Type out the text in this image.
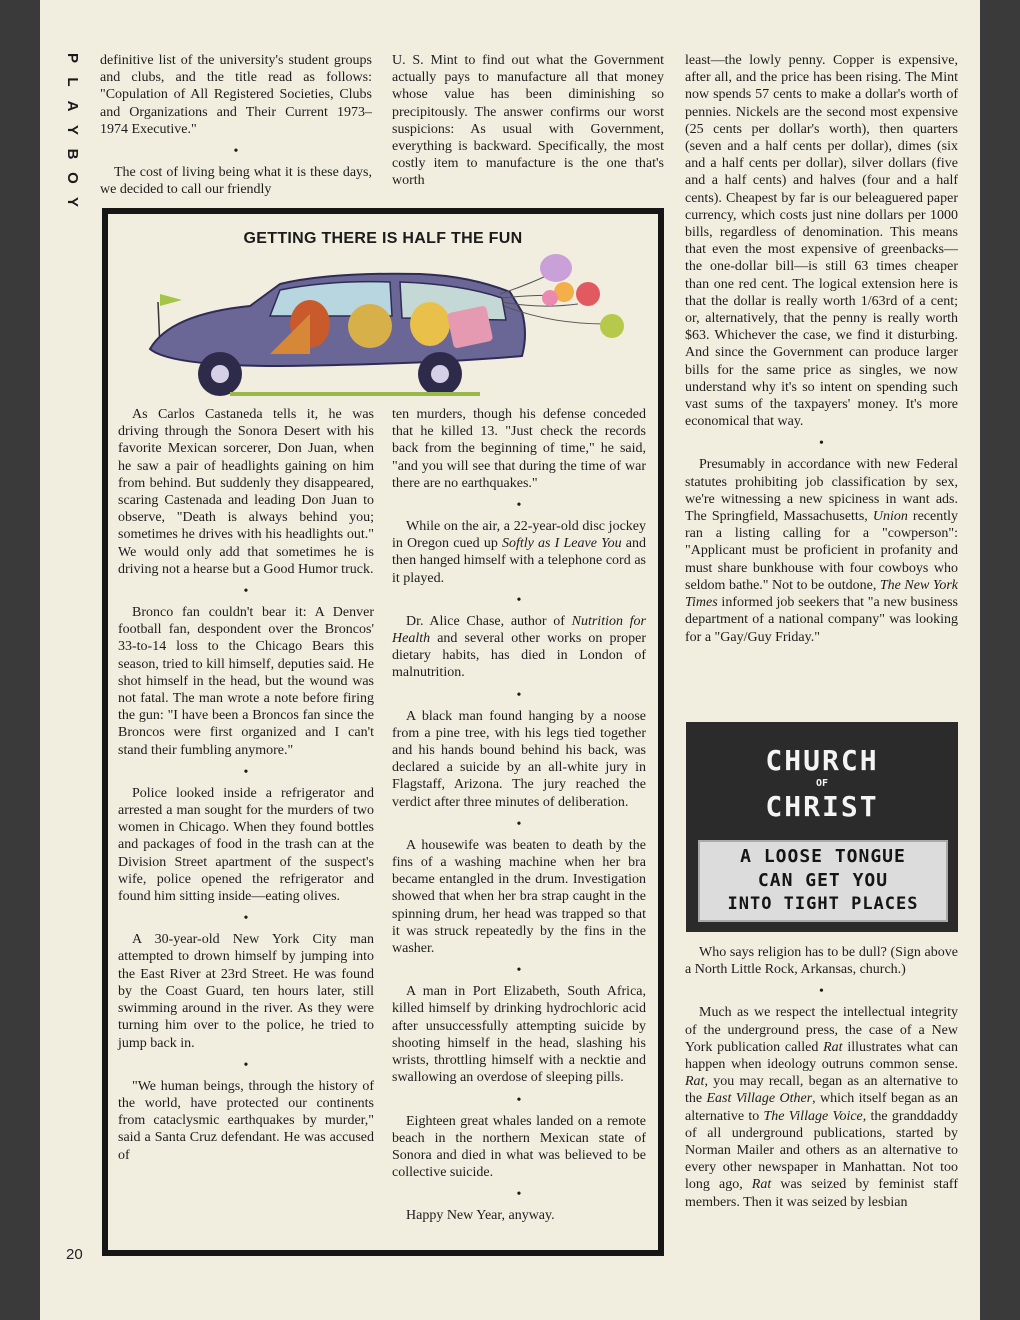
P
L
A
Y
B
O
Y
20

definitive list of the university's student groups and clubs, and the title read as follows: "Copulation of All Registered Societies, Clubs and Organizations and Their Current 1973–1974 Executive."

•

The cost of living being what it is these days, we decided to call our friendly

U. S. Mint to find out what the Government actually pays to manufacture all that money whose value has been diminishing so precipitously. The answer confirms our worst suspicions: As usual with Government, everything is backward. Specifically, the most costly item to manufacture is the one that's worth

least—the lowly penny. Copper is expensive, after all, and the price has been rising. The Mint now spends 57 cents to make a dollar's worth of pennies. Nickels are the second most expensive (25 cents per dollar's worth), then quarters (seven and a half cents per dollar), dimes (six and a half cents per dollar), silver dollars (five and a half cents) and halves (four and a half cents). Cheapest by far is our beleaguered paper currency, which costs just nine dollars per 1000 bills, regardless of denomination. This means that even the most expensive of greenbacks—the one-dollar bill—is still 63 times cheaper than one red cent. The logical extension here is that the dollar is really worth 1/63rd of a cent; or, alternatively, that the penny is really worth $63. Whichever the case, we find it disturbing. And since the Government can produce larger bills for the same price as singles, we now understand why it's so intent on spending such vast sums of the taxpayers' money. It's more economical that way.

•

Presumably in accordance with new Federal statutes prohibiting job classification by sex, we're witnessing a new spiciness in want ads. The Springfield, Massachusetts, Union recently ran a listing calling for a "cowperson": "Applicant must be proficient in profanity and must share bunkhouse with four cowboys who seldom bathe." Not to be outdone, The New York Times informed job seekers that "a new business department of a national company" was looking for a "Gay/Guy Friday."

CHURCH
OF
CHRIST
A LOOSE TONGUE
CAN GET YOU
INTO TIGHT PLACES

Who says religion has to be dull? (Sign above a North Little Rock, Arkansas, church.)

•

Much as we respect the intellectual integrity of the underground press, the case of a New York publication called Rat illustrates what can happen when ideology outruns common sense. Rat, you may recall, began as an alternative to the East Village Other, which itself began as an alternative to The Village Voice, the granddaddy of all underground publications, started by Norman Mailer and others as an alternative to every other newspaper in Manhattan. Not too long ago, Rat was seized by feminist staff members. Then it was seized by lesbian

GETTING THERE IS HALF THE FUN

As Carlos Castaneda tells it, he was driving through the Sonora Desert with his favorite Mexican sorcerer, Don Juan, when he saw a pair of headlights gaining on him from behind. But suddenly they disappeared, scaring Castenada and leading Don Juan to observe, "Death is always behind you; sometimes he drives with his headlights out." We would only add that sometimes he is driving not a hearse but a Good Humor truck.

•

Bronco fan couldn't bear it: A Denver football fan, despondent over the Broncos' 33-to-14 loss to the Chicago Bears this season, tried to kill himself, deputies said. He shot himself in the head, but the wound was not fatal. The man wrote a note before firing the gun: "I have been a Broncos fan since the Broncos were first organized and I can't stand their fumbling anymore."

•

Police looked inside a refrigerator and arrested a man sought for the murders of two women in Chicago. When they found bottles and packages of food in the trash can at the Division Street apartment of the suspect's wife, police opened the refrigerator and found him sitting inside—eating olives.

•

A 30-year-old New York City man attempted to drown himself by jumping into the East River at 23rd Street. He was found by the Coast Guard, ten hours later, still swimming around in the river. As they were turning him over to the police, he tried to jump back in.

•

"We human beings, through the history of the world, have protected our continents from cataclysmic earthquakes by murder," said a Santa Cruz defendant. He was accused of

ten murders, though his defense conceded that he killed 13. "Just check the records back from the beginning of time," he said, "and you will see that during the time of war there are no earthquakes."

•

While on the air, a 22-year-old disc jockey in Oregon cued up Softly as I Leave You and then hanged himself with a telephone cord as it played.

•

Dr. Alice Chase, author of Nutrition for Health and several other works on proper dietary habits, has died in London of malnutrition.

•

A black man found hanging by a noose from a pine tree, with his legs tied together and his hands bound behind his back, was declared a suicide by an all-white jury in Flagstaff, Arizona. The jury reached the verdict after three minutes of deliberation.

•

A housewife was beaten to death by the fins of a washing machine when her bra became entangled in the drum. Investigation showed that when her bra strap caught in the spinning drum, her head was trapped so that it was struck repeatedly by the fins in the washer.

•

A man in Port Elizabeth, South Africa, killed himself by drinking hydrochloric acid after unsuccessfully attempting suicide by shooting himself in the head, slashing his wrists, throttling himself with a necktie and swallowing an overdose of sleeping pills.

•

Eighteen great whales landed on a remote beach in the northern Mexican state of Sonora and died in what was believed to be collective suicide.

•

Happy New Year, anyway.
